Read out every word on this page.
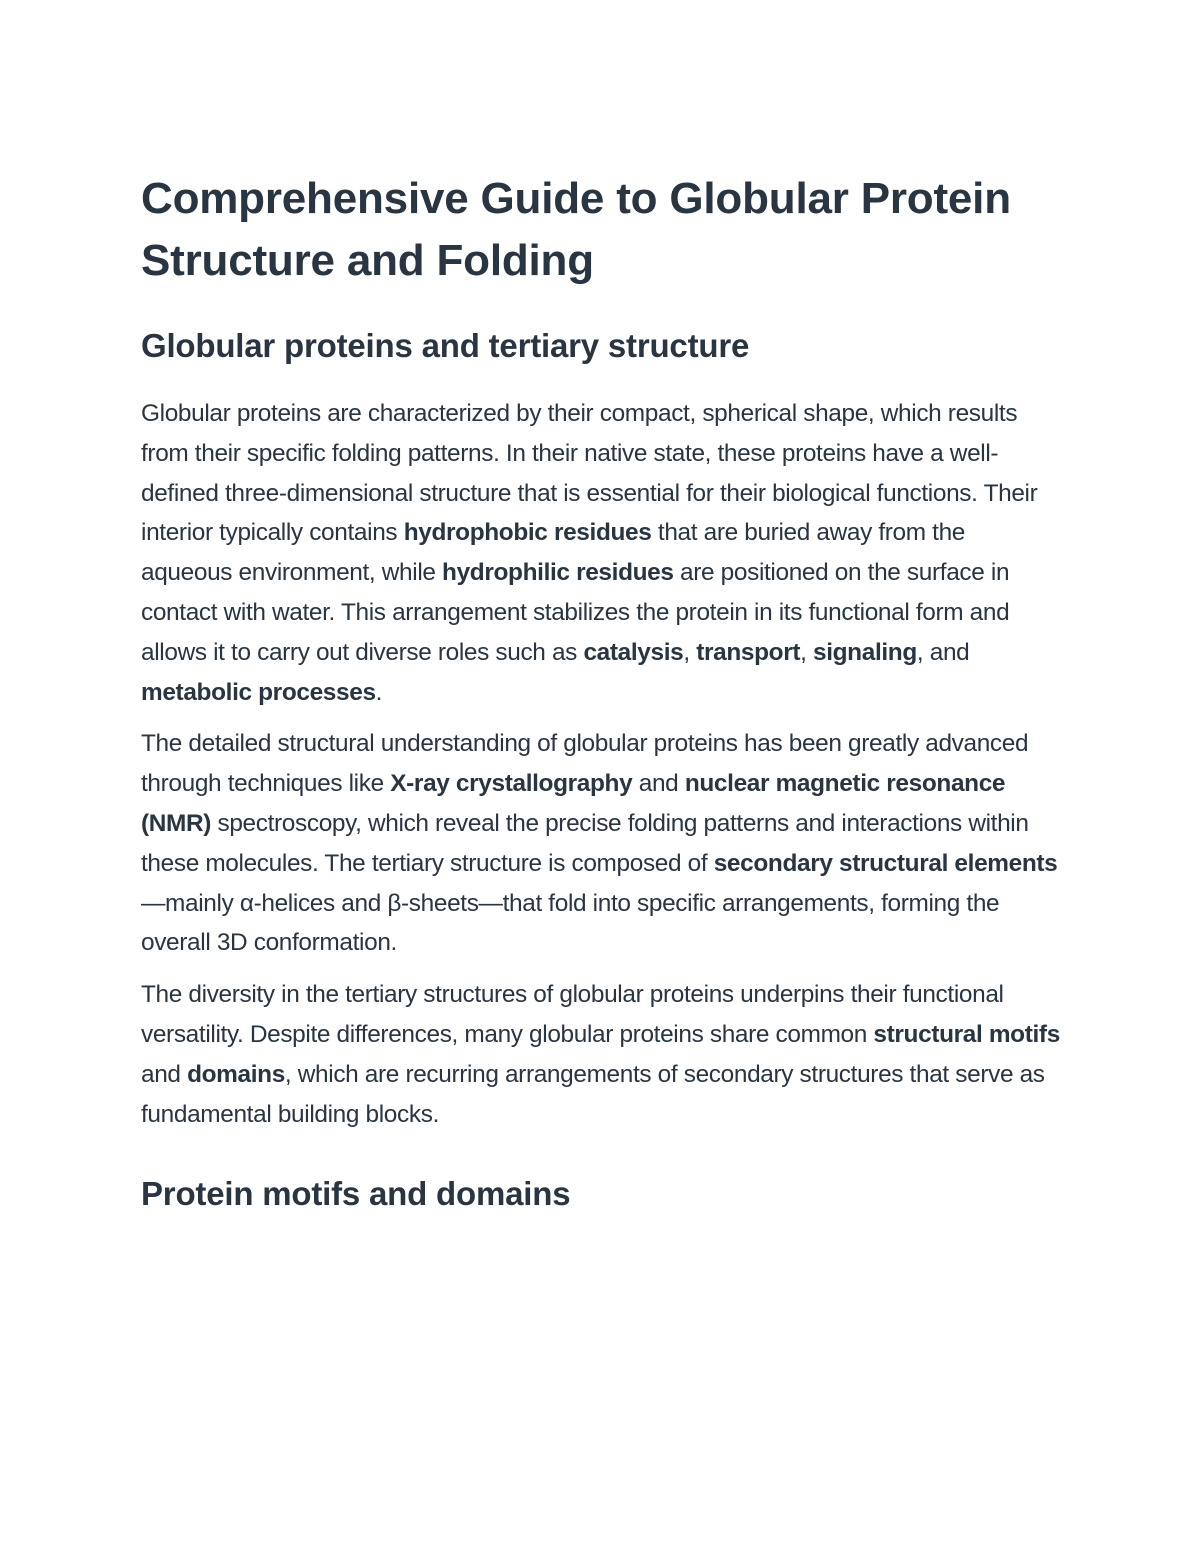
Comprehensive Guide to Globular Protein Structure and Folding
Globular proteins and tertiary structure

Globular proteins are characterized by their compact, spherical shape, which results from their specific folding patterns. In their native state, these proteins have a well-defined three-dimensional structure that is essential for their biological functions. Their interior typically contains hydrophobic residues that are buried away from the aqueous environment, while hydrophilic residues are positioned on the surface in contact with water. This arrangement stabilizes the protein in its functional form and allows it to carry out diverse roles such as catalysis, transport, signaling, and metabolic processes.

The detailed structural understanding of globular proteins has been greatly advanced through techniques like X-ray crystallography and nuclear magnetic resonance (NMR) spectroscopy, which reveal the precise folding patterns and interactions within these molecules. The tertiary structure is composed of secondary structural elements—mainly α-helices and β-sheets—that fold into specific arrangements, forming the overall 3D conformation.

The diversity in the tertiary structures of globular proteins underpins their functional versatility. Despite differences, many globular proteins share common structural motifs and domains, which are recurring arrangements of secondary structures that serve as fundamental building blocks.

Protein motifs and domains
